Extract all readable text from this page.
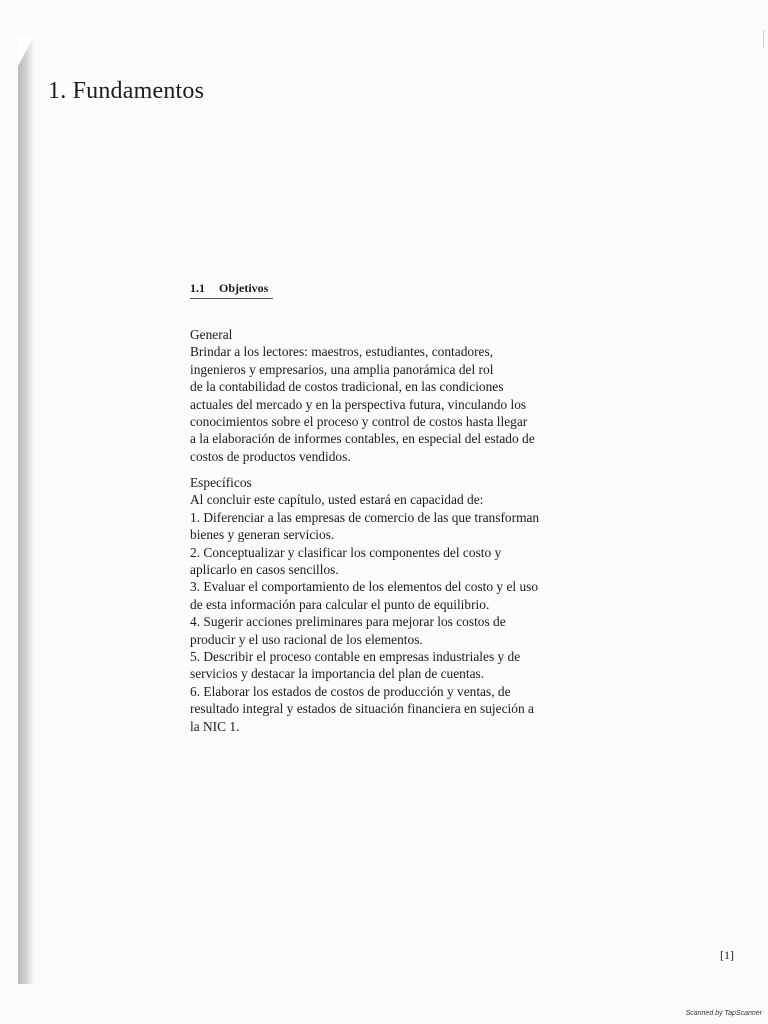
1. Fundamentos
1.1 Objetivos
General
Brindar a los lectores: maestros, estudiantes, contadores,
ingenieros y empresarios, una amplia panorámica del rol
de la contabilidad de costos tradicional, en las condiciones
actuales del mercado y en la perspectiva futura, vinculando los
conocimientos sobre el proceso y control de costos hasta llegar
a la elaboración de informes contables, en especial del estado de
costos de productos vendidos.
Específicos
Al concluir este capítulo, usted estará en capacidad de:
1. Diferenciar a las empresas de comercio de las que transforman
bienes y generan servicios.
2. Conceptualizar y clasificar los componentes del costo y
aplicarlo en casos sencillos.
3. Evaluar el comportamiento de los elementos del costo y el uso
de esta información para calcular el punto de equilibrio.
4. Sugerir acciones preliminares para mejorar los costos de
producir y el uso racional de los elementos.
5. Describir el proceso contable en empresas industriales y de
servicios y destacar la importancia del plan de cuentas.
6. Elaborar los estados de costos de producción y ventas, de
resultado integral y estados de situación financiera en sujeción a
la NIC 1.
[1]
Scanned by TapScanner
